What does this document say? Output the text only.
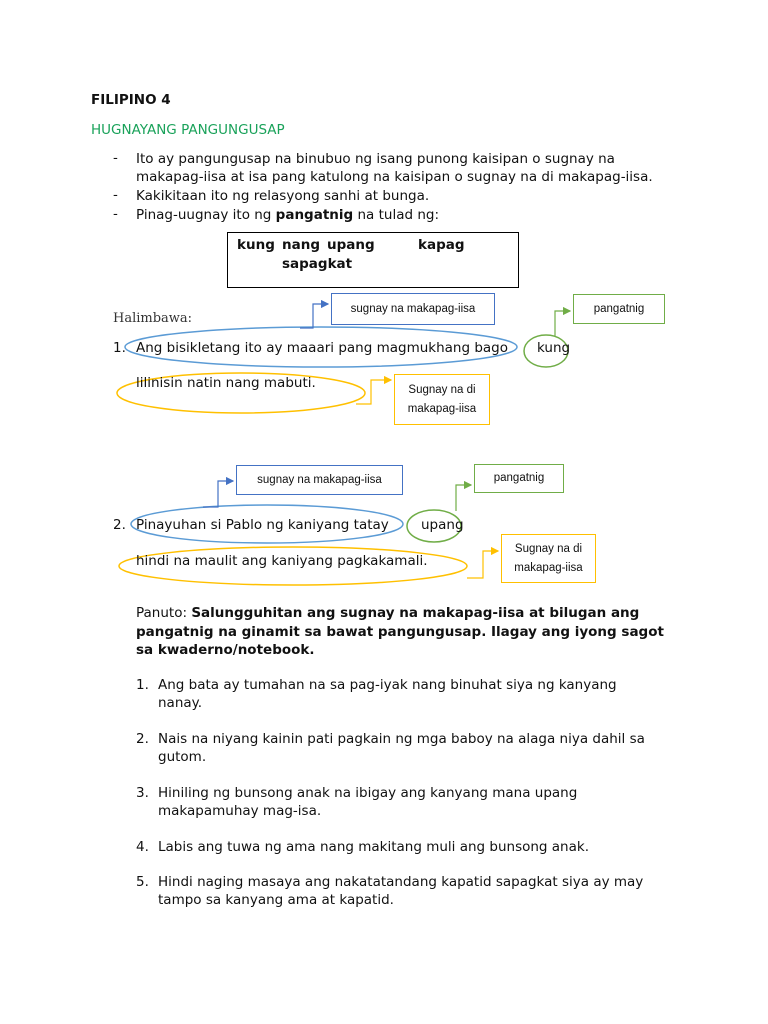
FILIPINO 4
HUGNAYANG PANGUNGUSAP
- Ito ay pangungusap na binubuo ng isang punong kaisipan o sugnay na
makapag-iisa at isa pang katulong na kaisipan o sugnay na di makapag-iisa.
- Kakikitaan ito ng relasyong sanhi at bunga.
- Pinag-uugnay ito ng pangatnig na tulad ng:
kung nang upang	kapag
sapagkat
Halimbawa:
1. Ang bisikletang ito ay maaari pang magmukhang bago kung
lilinisin natin nang mabuti.
sugnay na makapag-iisa	pangatnig
Sugnay na di
makapag-iisa
2. Pinayuhan si Pablo ng kaniyang tatay upang
hindi na maulit ang kaniyang pagkakamali.
sugnay na makapag-iisa	pangatnig
Sugnay na di
makapag-iisa
Panuto: Salungguhitan ang sugnay na makapag-iisa at bilugan ang
pangatnig na ginamit sa bawat pangungusap. Ilagay ang iyong sagot
sa kwaderno/notebook.
1. Ang bata ay tumahan na sa pag-iyak nang binuhat siya ng kanyang
nanay.
2. Nais na niyang kainin pati pagkain ng mga baboy na alaga niya dahil sa
gutom.
3. Hiniling ng bunsong anak na ibigay ang kanyang mana upang
makapamuhay mag-isa.
4. Labis ang tuwa ng ama nang makitang muli ang bunsong anak.
5. Hindi naging masaya ang nakatatandang kapatid sapagkat siya ay may
tampo sa kanyang ama at kapatid.
